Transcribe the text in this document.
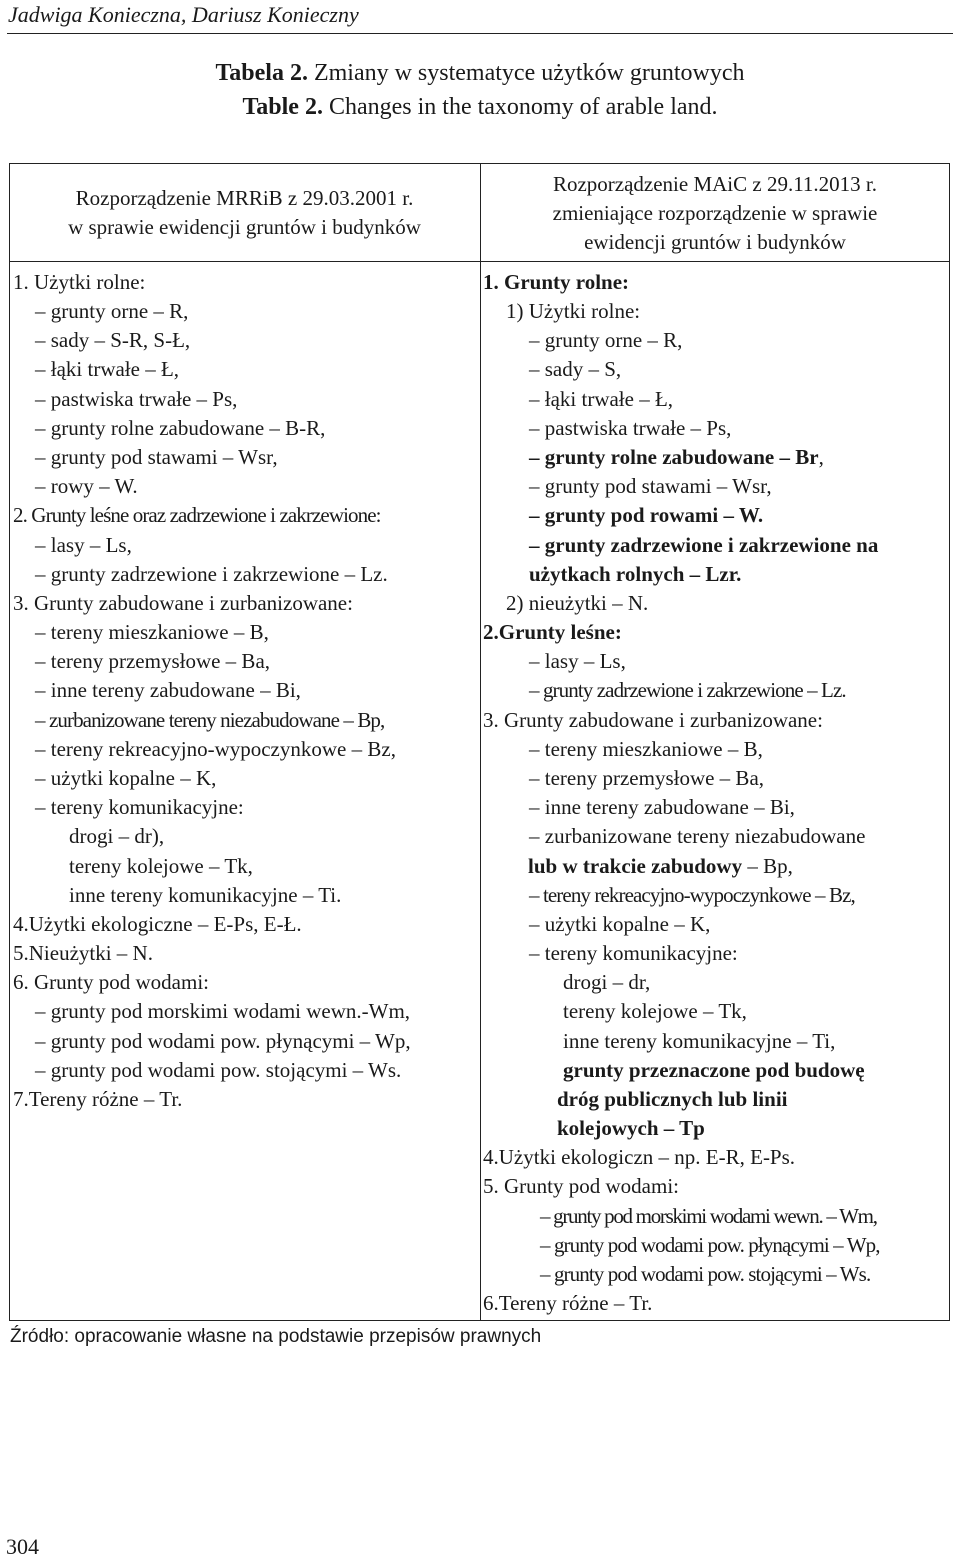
Jadwiga Konieczna, Dariusz Konieczny
Tabela 2. Zmiany w systematyce użytków gruntowych
Table 2. Changes in the taxonomy of arable land.
Rozporządzenie MRRiB z 29.03.2001 r.
w sprawie ewidencji gruntów i budynków
Rozporządzenie MAiC z 29.11.2013 r.
zmieniające rozporządzenie w sprawie
ewidencji gruntów i budynków
1. Użytki rolne:
– grunty orne – R,
– sady – S-R, S-Ł,
– łąki trwałe – Ł,
– pastwiska trwałe – Ps,
– grunty rolne zabudowane – B-R,
– grunty pod stawami – Wsr,
– rowy – W.
2. Grunty leśne oraz zadrzewione i zakrzewione:
– lasy – Ls,
– grunty zadrzewione i zakrzewione – Lz.
3. Grunty zabudowane i zurbanizowane:
– tereny mieszkaniowe – B,
– tereny przemysłowe – Ba,
– inne tereny zabudowane – Bi,
– zurbanizowane tereny niezabudowane – Bp,
– tereny rekreacyjno-wypoczynkowe – Bz,
– użytki kopalne – K,
– tereny komunikacyjne:
drogi – dr),
tereny kolejowe – Tk,
inne tereny komunikacyjne – Ti.
4.Użytki ekologiczne – E-Ps, E-Ł.
5.Nieużytki – N.
6. Grunty pod wodami:
– grunty pod morskimi wodami wewn.-Wm,
– grunty pod wodami pow. płynącymi – Wp,
– grunty pod wodami pow. stojącymi – Ws.
7.Tereny różne – Tr.
1. Grunty rolne:
1) Użytki rolne:
– grunty orne – R,
– sady – S,
– łąki trwałe – Ł,
– pastwiska trwałe – Ps,
– grunty rolne zabudowane – Br,
– grunty pod stawami – Wsr,
– grunty pod rowami – W.
– grunty zadrzewione i zakrzewione na
użytkach rolnych – Lzr.
2) nieużytki – N.
2.Grunty leśne:
– lasy – Ls,
– grunty zadrzewione i zakrzewione – Lz.
3. Grunty zabudowane i zurbanizowane:
– tereny mieszkaniowe – B,
– tereny przemysłowe – Ba,
– inne tereny zabudowane – Bi,
– zurbanizowane tereny niezabudowane
lub w trakcie zabudowy – Bp,
– tereny rekreacyjno-wypoczynkowe – Bz,
– użytki kopalne – K,
– tereny komunikacyjne:
drogi – dr,
tereny kolejowe – Tk,
inne tereny komunikacyjne – Ti,
grunty przeznaczone pod budowę
dróg publicznych lub linii
kolejowych – Tp
4.Użytki ekologiczn – np. E-R, E-Ps.
5. Grunty pod wodami:
– grunty pod morskimi wodami wewn. – Wm,
– grunty pod wodami pow. płynącymi – Wp,
– grunty pod wodami pow. stojącymi – Ws.
6.Tereny różne – Tr.
Źródło: opracowanie własne na podstawie przepisów prawnych
304
